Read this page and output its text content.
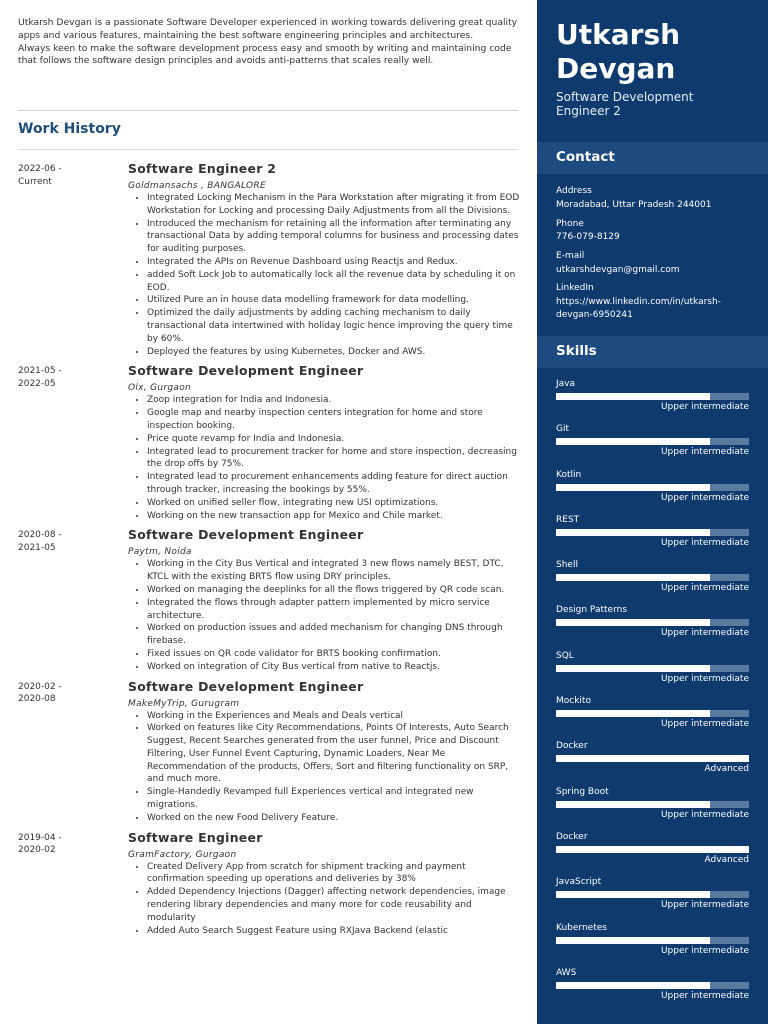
Utkarsh Devgan is a passionate Software Developer experienced in working towards delivering great quality apps and various features, maintaining the best software engineering principles and architectures.

Always keen to make the software development process easy and smooth by writing and maintaining code that follows the software design principles and avoids anti-patterns that scales really well.

Work History
2022-06 -
Current
Software Engineer 2
Goldmansachs , BANGALORE
• Integrated Locking Mechanism in the Para Workstation after migrating it from EOD Workstation for Locking and processing Daily Adjustments from all the Divisions.
• Introduced the mechanism for retaining all the information after terminating any transactional Data by adding temporal columns for business and processing dates for auditing purposes.
• Integrated the APIs on Revenue Dashboard using Reactjs and Redux.
• added Soft Lock Job to automatically lock all the revenue data by scheduling it on EOD.
• Utilized Pure an in house data modelling framework for data modelling.
• Optimized the daily adjustments by adding caching mechanism to daily transactional data intertwined with holiday logic hence improving the query time by 60%.
• Deployed the features by using Kubernetes, Docker and AWS.
2021-05 -
2022-05
Software Development Engineer
Olx, Gurgaon
• Zoop integration for India and Indonesia.
• Google map and nearby inspection centers integration for home and store inspection booking.
• Price quote revamp for India and Indonesia.
• Integrated lead to procurement tracker for home and store inspection, decreasing the drop offs by 75%.
• Integrated lead to procurement enhancements adding feature for direct auction through tracker, increasing the bookings by 55%.
• Worked on unified seller flow, integrating new USI optimizations.
• Working on the new transaction app for Mexico and Chile market.
2020-08 -
2021-05
Software Development Engineer
Paytm, Noida
• Working in the City Bus Vertical and integrated 3 new flows namely BEST, DTC, KTCL with the existing BRTS flow using DRY principles.
• Worked on managing the deeplinks for all the flows triggered by QR code scan.
• Integrated the flows through adapter pattern implemented by micro service architecture.
• Worked on production issues and added mechanism for changing DNS through firebase.
• Fixed issues on QR code validator for BRTS booking confirmation.
• Worked on integration of City Bus vertical from native to Reactjs.
2020-02 -
2020-08
Software Development Engineer
MakeMyTrip, Gurugram
• Working in the Experiences and Meals and Deals vertical
• Worked on features like City Recommendations, Points Of Interests, Auto Search Suggest, Recent Searches generated from the user funnel, Price and Discount Filtering, User Funnel Event Capturing, Dynamic Loaders, Near Me Recommendation of the products, Offers, Sort and filtering functionality on SRP, and much more.
• Single-Handedly Revamped full Experiences vertical and integrated new migrations.
• Worked on the new Food Delivery Feature.
2019-04 -
2020-02
Software Engineer
GramFactory, Gurgaon
• Created Delivery App from scratch for shipment tracking and payment confirmation speeding up operations and deliveries by 38%
• Added Dependency Injections (Dagger) affecting network dependencies, image rendering library dependencies and many more for code reusability and modularity
• Added Auto Search Suggest Feature using RXJava Backend (elastic
Utkarsh
Devgan
Software Development
Engineer 2
Contact
Address
Moradabad, Uttar Pradesh 244001
Phone
776-079-8129
E-mail
utkarshdevgan@gmail.com
LinkedIn
https://www.linkedin.com/in/utkarsh-
devgan-6950241
Skills
Java
Upper intermediate
Git
Upper intermediate
Kotlin
Upper intermediate
REST
Upper intermediate
Shell
Upper intermediate
Design Patterns
Upper intermediate
SQL
Upper intermediate
Mockito
Upper intermediate
Docker
Advanced
Spring Boot
Upper intermediate
Docker
Advanced
JavaScript
Upper intermediate
Kubernetes
Upper intermediate
AWS
Upper intermediate
